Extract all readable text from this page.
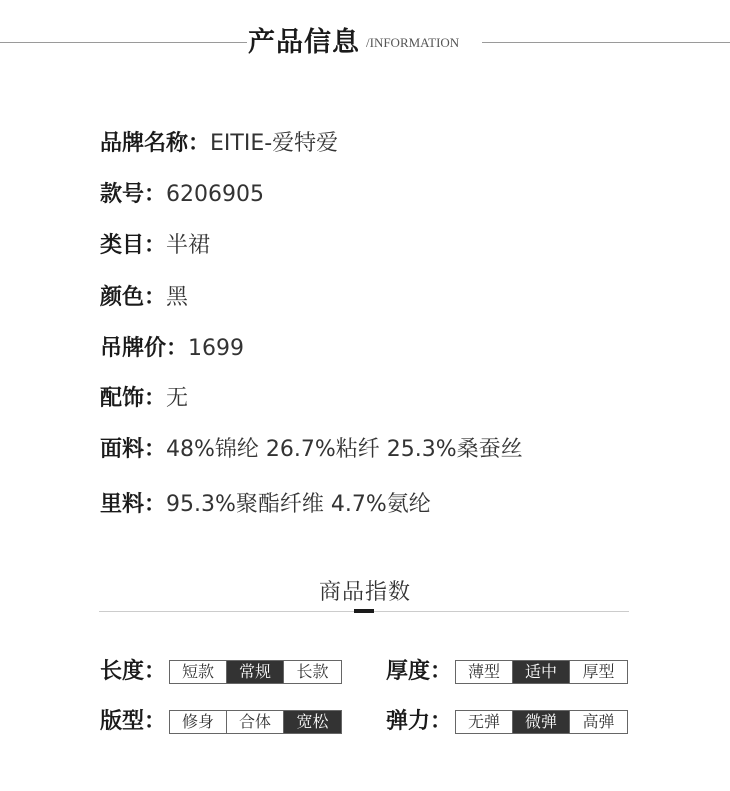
产品信息 /INFORMATION
品牌名称：EITIE-爱特爱
款号：6206905
类目：半裙
颜色：黑
吊牌价：1699
配饰：无
面料：48%锦纶 26.7%粘纤 25.3%桑蚕丝
里料：95.3%聚酯纤维 4.7%氨纶
商品指数
长度： 短款	常规	长款	厚度： 薄型	适中	厚型
版型： 修身	合体	宽松	弹力： 无弹	微弹	高弹
